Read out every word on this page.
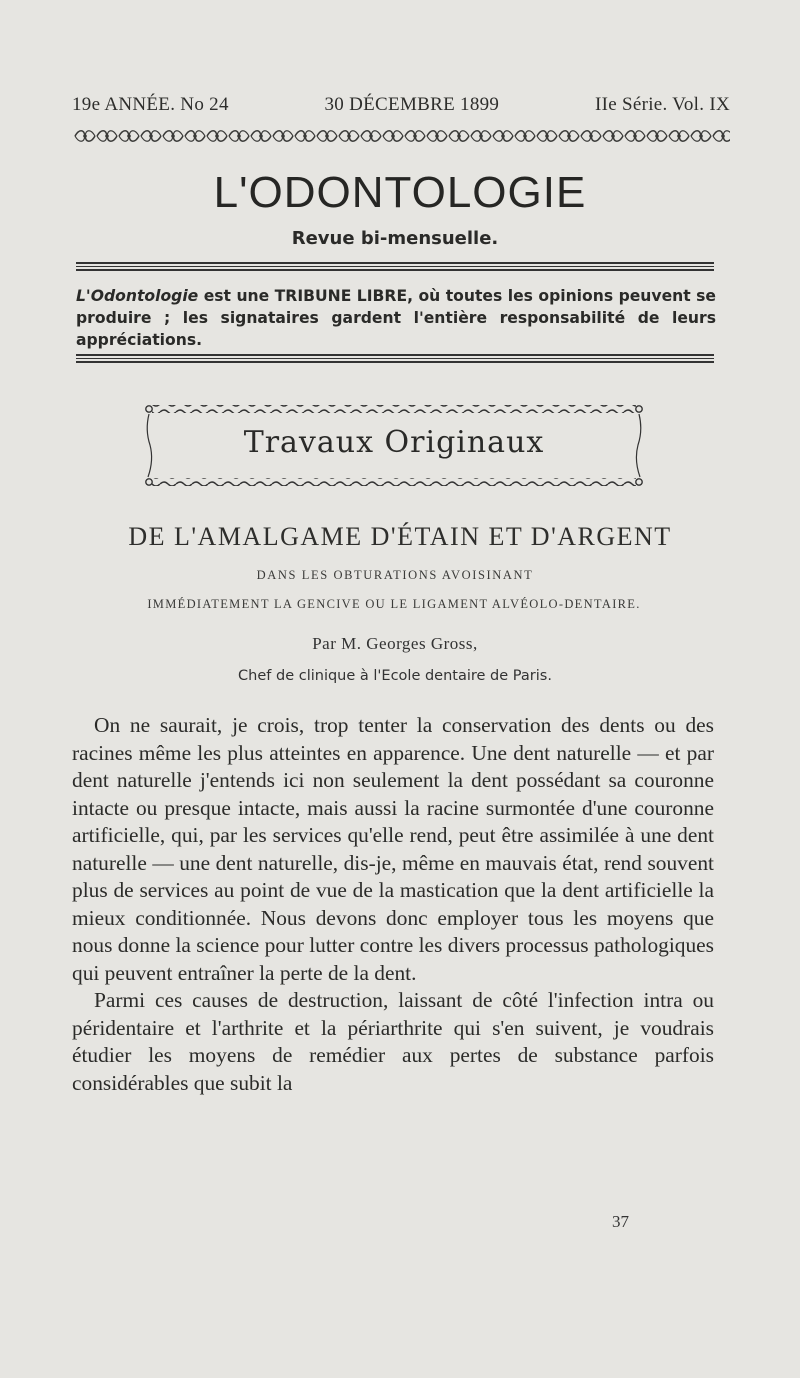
19e ANNÉE. No 24	30 DÉCEMBRE 1899	IIe Série. Vol. IX
L'ODONTOLOGIE
Revue bi-mensuelle.
L'Odontologie est une TRIBUNE LIBRE, où toutes les opinions peuvent se produire ; les signataires gardent l'entière responsabilité de leurs appréciations.
Travaux Originaux
DE L'AMALGAME D'ÉTAIN ET D'ARGENT
DANS LES OBTURATIONS AVOISINANT
IMMÉDIATEMENT LA GENCIVE OU LE LIGAMENT ALVÉOLO-DENTAIRE.
Par M. Georges Gross,
Chef de clinique à l'Ecole dentaire de Paris.

On ne saurait, je crois, trop tenter la conservation des dents ou des racines même les plus atteintes en apparence. Une dent naturelle — et par dent naturelle j'entends ici non seulement la dent possédant sa couronne intacte ou presque intacte, mais aussi la racine surmontée d'une couronne artificielle, qui, par les services qu'elle rend, peut être assimilée à une dent naturelle — une dent naturelle, dis-je, même en mauvais état, rend souvent plus de services au point de vue de la mastication que la dent artificielle la mieux conditionnée. Nous devons donc employer tous les moyens que nous donne la science pour lutter contre les divers processus pathologiques qui peuvent entraîner la perte de la dent.

Parmi ces causes de destruction, laissant de côté l'infection intra ou péridentaire et l'arthrite et la périarthrite qui s'en suivent, je voudrais étudier les moyens de remédier aux pertes de substance parfois considérables que subit la

37
